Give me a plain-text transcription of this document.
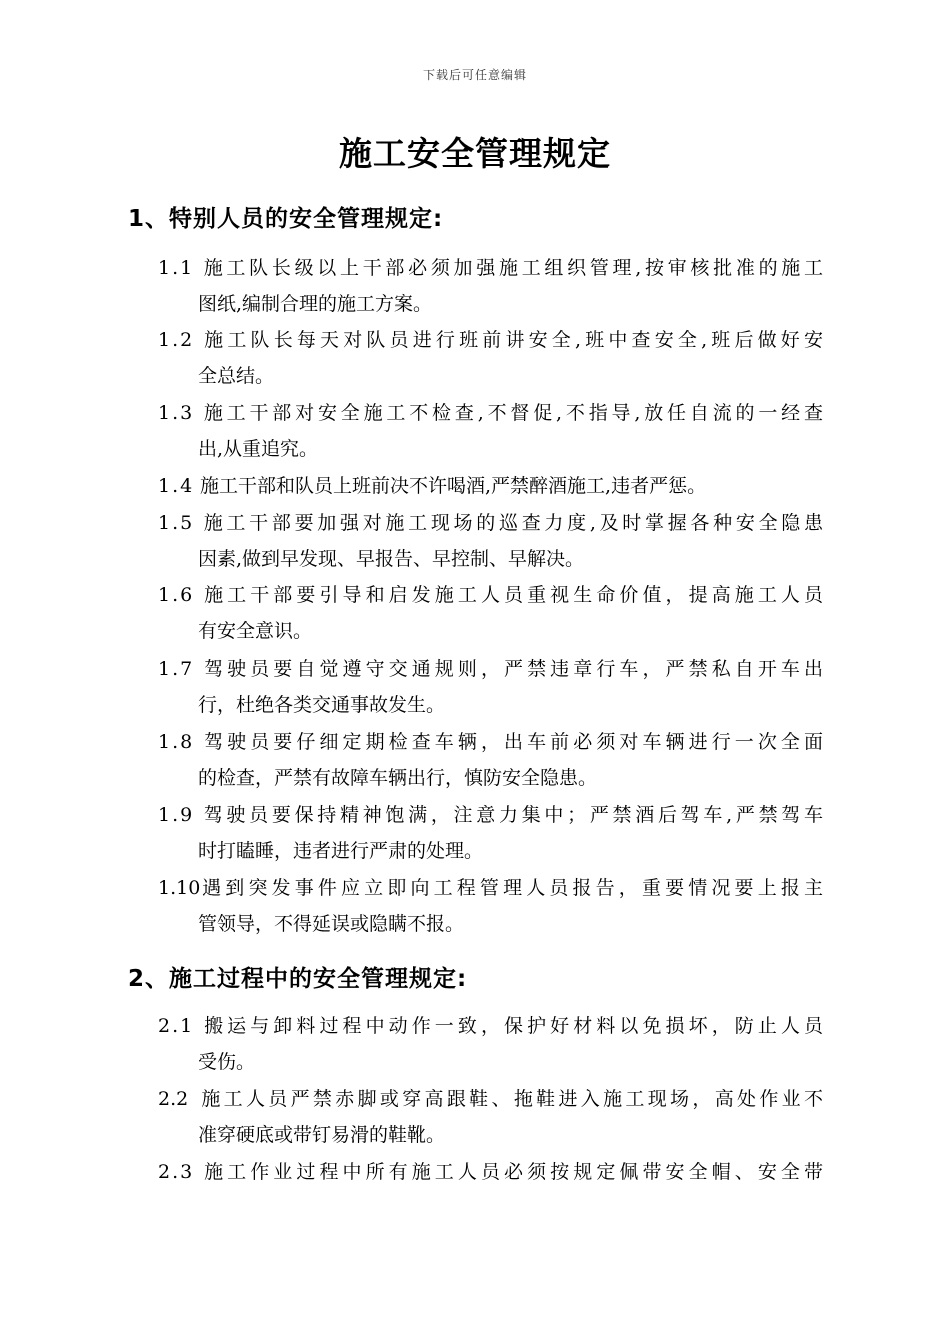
下载后可任意编辑
施工安全管理规定
1、特别人员的安全管理规定:
1.1 施工队长级以上干部必须加强施工组织管理,按审核批准的施工
图纸,编制合理的施工方案。
1.2 施工队长每天对队员进行班前讲安全,班中查安全,班后做好安
全总结。
1.3 施工干部对安全施工不检查,不督促,不指导,放任自流的一经查
出,从重追究。
1.4 施工干部和队员上班前决不许喝酒,严禁醉酒施工,违者严惩。
1.5 施工干部要加强对施工现场的巡查力度,及时掌握各种安全隐患
因素,做到早发现、早报告、早控制、早解决。
1.6 施工干部要引导和启发施工人员重视生命价值，提高施工人员
有安全意识。
1.7 驾驶员要自觉遵守交通规则，严禁违章行车，严禁私自开车出
行，杜绝各类交通事故发生。
1.8 驾驶员要仔细定期检查车辆，出车前必须对车辆进行一次全面
的检查，严禁有故障车辆出行，慎防安全隐患。
1.9 驾驶员要保持精神饱满，注意力集中；严禁酒后驾车,严禁驾车
时打瞌睡，违者进行严肃的处理。
1.10遇到突发事件应立即向工程管理人员报告，重要情况要上报主
管领导，不得延误或隐瞒不报。
2、施工过程中的安全管理规定:
2.1 搬运与卸料过程中动作一致，保护好材料以免损坏，防止人员
受伤。
2.2 施工人员严禁赤脚或穿高跟鞋、拖鞋进入施工现场，高处作业不
准穿硬底或带钉易滑的鞋靴。
2.3 施工作业过程中所有施工人员必须按规定佩带安全帽、安全带
